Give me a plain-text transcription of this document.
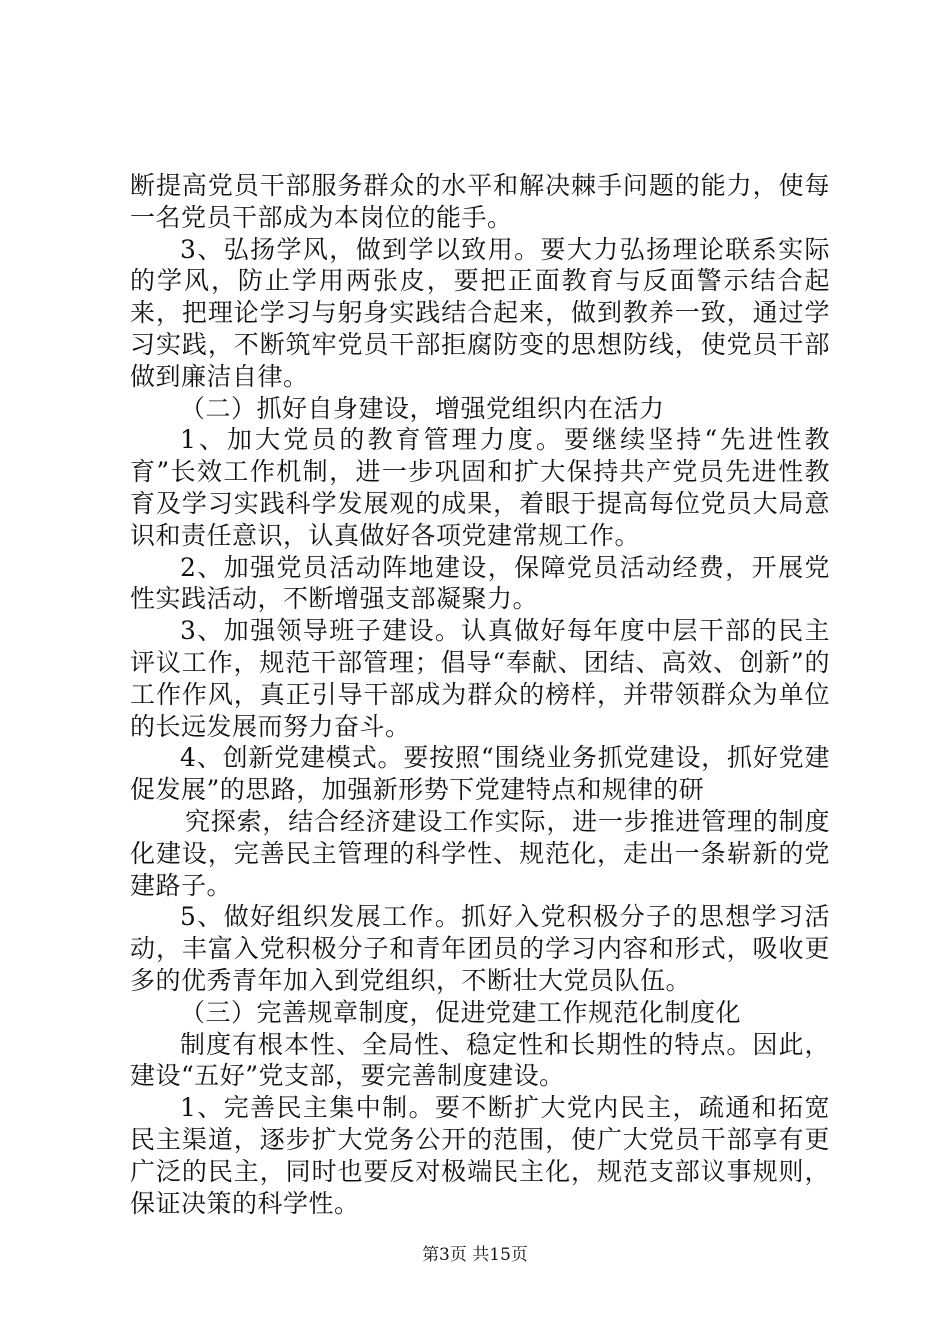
断提高党员干部服务群众的水平和解决棘手问题的能力，使每一名党员干部成为本岗位的能手。

3、弘扬学风，做到学以致用。要大力弘扬理论联系实际的学风，防止学用两张皮，要把正面教育与反面警示结合起来，把理论学习与躬身实践结合起来，做到教养一致，通过学习实践，不断筑牢党员干部拒腐防变的思想防线，使党员干部做到廉洁自律。

（二）抓好自身建设，增强党组织内在活力

1、加大党员的教育管理力度。要继续坚持“先进性教育”长效工作机制，进一步巩固和扩大保持共产党员先进性教育及学习实践科学发展观的成果，着眼于提高每位党员大局意识和责任意识，认真做好各项党建常规工作。

2、加强党员活动阵地建设，保障党员活动经费，开展党性实践活动，不断增强支部凝聚力。

3、加强领导班子建设。认真做好每年度中层干部的民主评议工作，规范干部管理；倡导“奉献、团结、高效、创新”的工作作风，真正引导干部成为群众的榜样，并带领群众为单位的长远发展而努力奋斗。

4、创新党建模式。要按照“围绕业务抓党建设，抓好党建促发展”的思路，加强新形势下党建特点和规律的研

究探索，结合经济建设工作实际，进一步推进管理的制度化建设，完善民主管理的科学性、规范化，走出一条崭新的党建路子。

5、做好组织发展工作。抓好入党积极分子的思想学习活动，丰富入党积极分子和青年团员的学习内容和形式，吸收更多的优秀青年加入到党组织，不断壮大党员队伍。

（三）完善规章制度，促进党建工作规范化制度化

制度有根本性、全局性、稳定性和长期性的特点。因此，建设“五好”党支部，要完善制度建设。

1、完善民主集中制。要不断扩大党内民主，疏通和拓宽民主渠道，逐步扩大党务公开的范围，使广大党员干部享有更广泛的民主，同时也要反对极端民主化，规范支部议事规则，保证决策的科学性。

第3页 共15页
